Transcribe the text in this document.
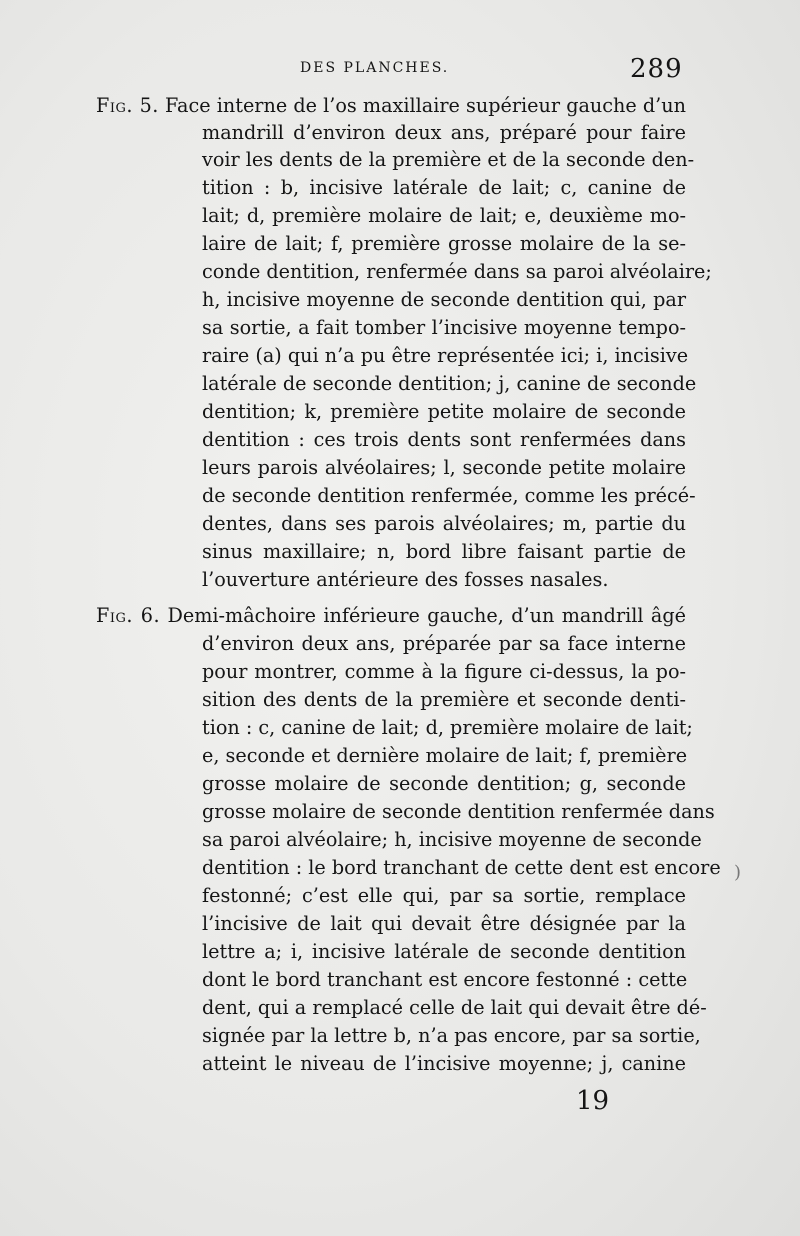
DES PLANCHES.	289
Fig. 5. Face interne de l’os maxillaire supérieur gauche d’un
mandrill d’environ deux ans, préparé pour faire
voir les dents de la première et de la seconde den-
tition : b, incisive latérale de lait; c, canine de
lait; d, première molaire de lait; e, deuxième mo-
laire de lait; f, première grosse molaire de la se-
conde dentition, renfermée dans sa paroi alvéolaire;
h, incisive moyenne de seconde dentition qui, par
sa sortie, a fait tomber l’incisive moyenne tempo-
raire (a) qui n’a pu être représentée ici; i, incisive
latérale de seconde dentition; j, canine de seconde
dentition; k, première petite molaire de seconde
dentition : ces trois dents sont renfermées dans
leurs parois alvéolaires; l, seconde petite molaire
de seconde dentition renfermée, comme les précé-
dentes, dans ses parois alvéolaires; m, partie du
sinus maxillaire; n, bord libre faisant partie de
l’ouverture antérieure des fosses nasales.
Fig. 6. Demi-mâchoire inférieure gauche, d’un mandrill âgé
d’environ deux ans, préparée par sa face interne
pour montrer, comme à la figure ci-dessus, la po-
sition des dents de la première et seconde denti-
tion : c, canine de lait; d, première molaire de lait;
e, seconde et dernière molaire de lait; f, première
grosse molaire de seconde dentition; g, seconde
grosse molaire de seconde dentition renfermée dans
sa paroi alvéolaire; h, incisive moyenne de seconde
dentition : le bord tranchant de cette dent est encore
festonné; c’est elle qui, par sa sortie, remplace
l’incisive de lait qui devait être désignée par la
lettre a; i, incisive latérale de seconde dentition
dont le bord tranchant est encore festonné : cette
dent, qui a remplacé celle de lait qui devait être dé-
signée par la lettre b, n’a pas encore, par sa sortie,
atteint le niveau de l’incisive moyenne; j, canine
19
)
